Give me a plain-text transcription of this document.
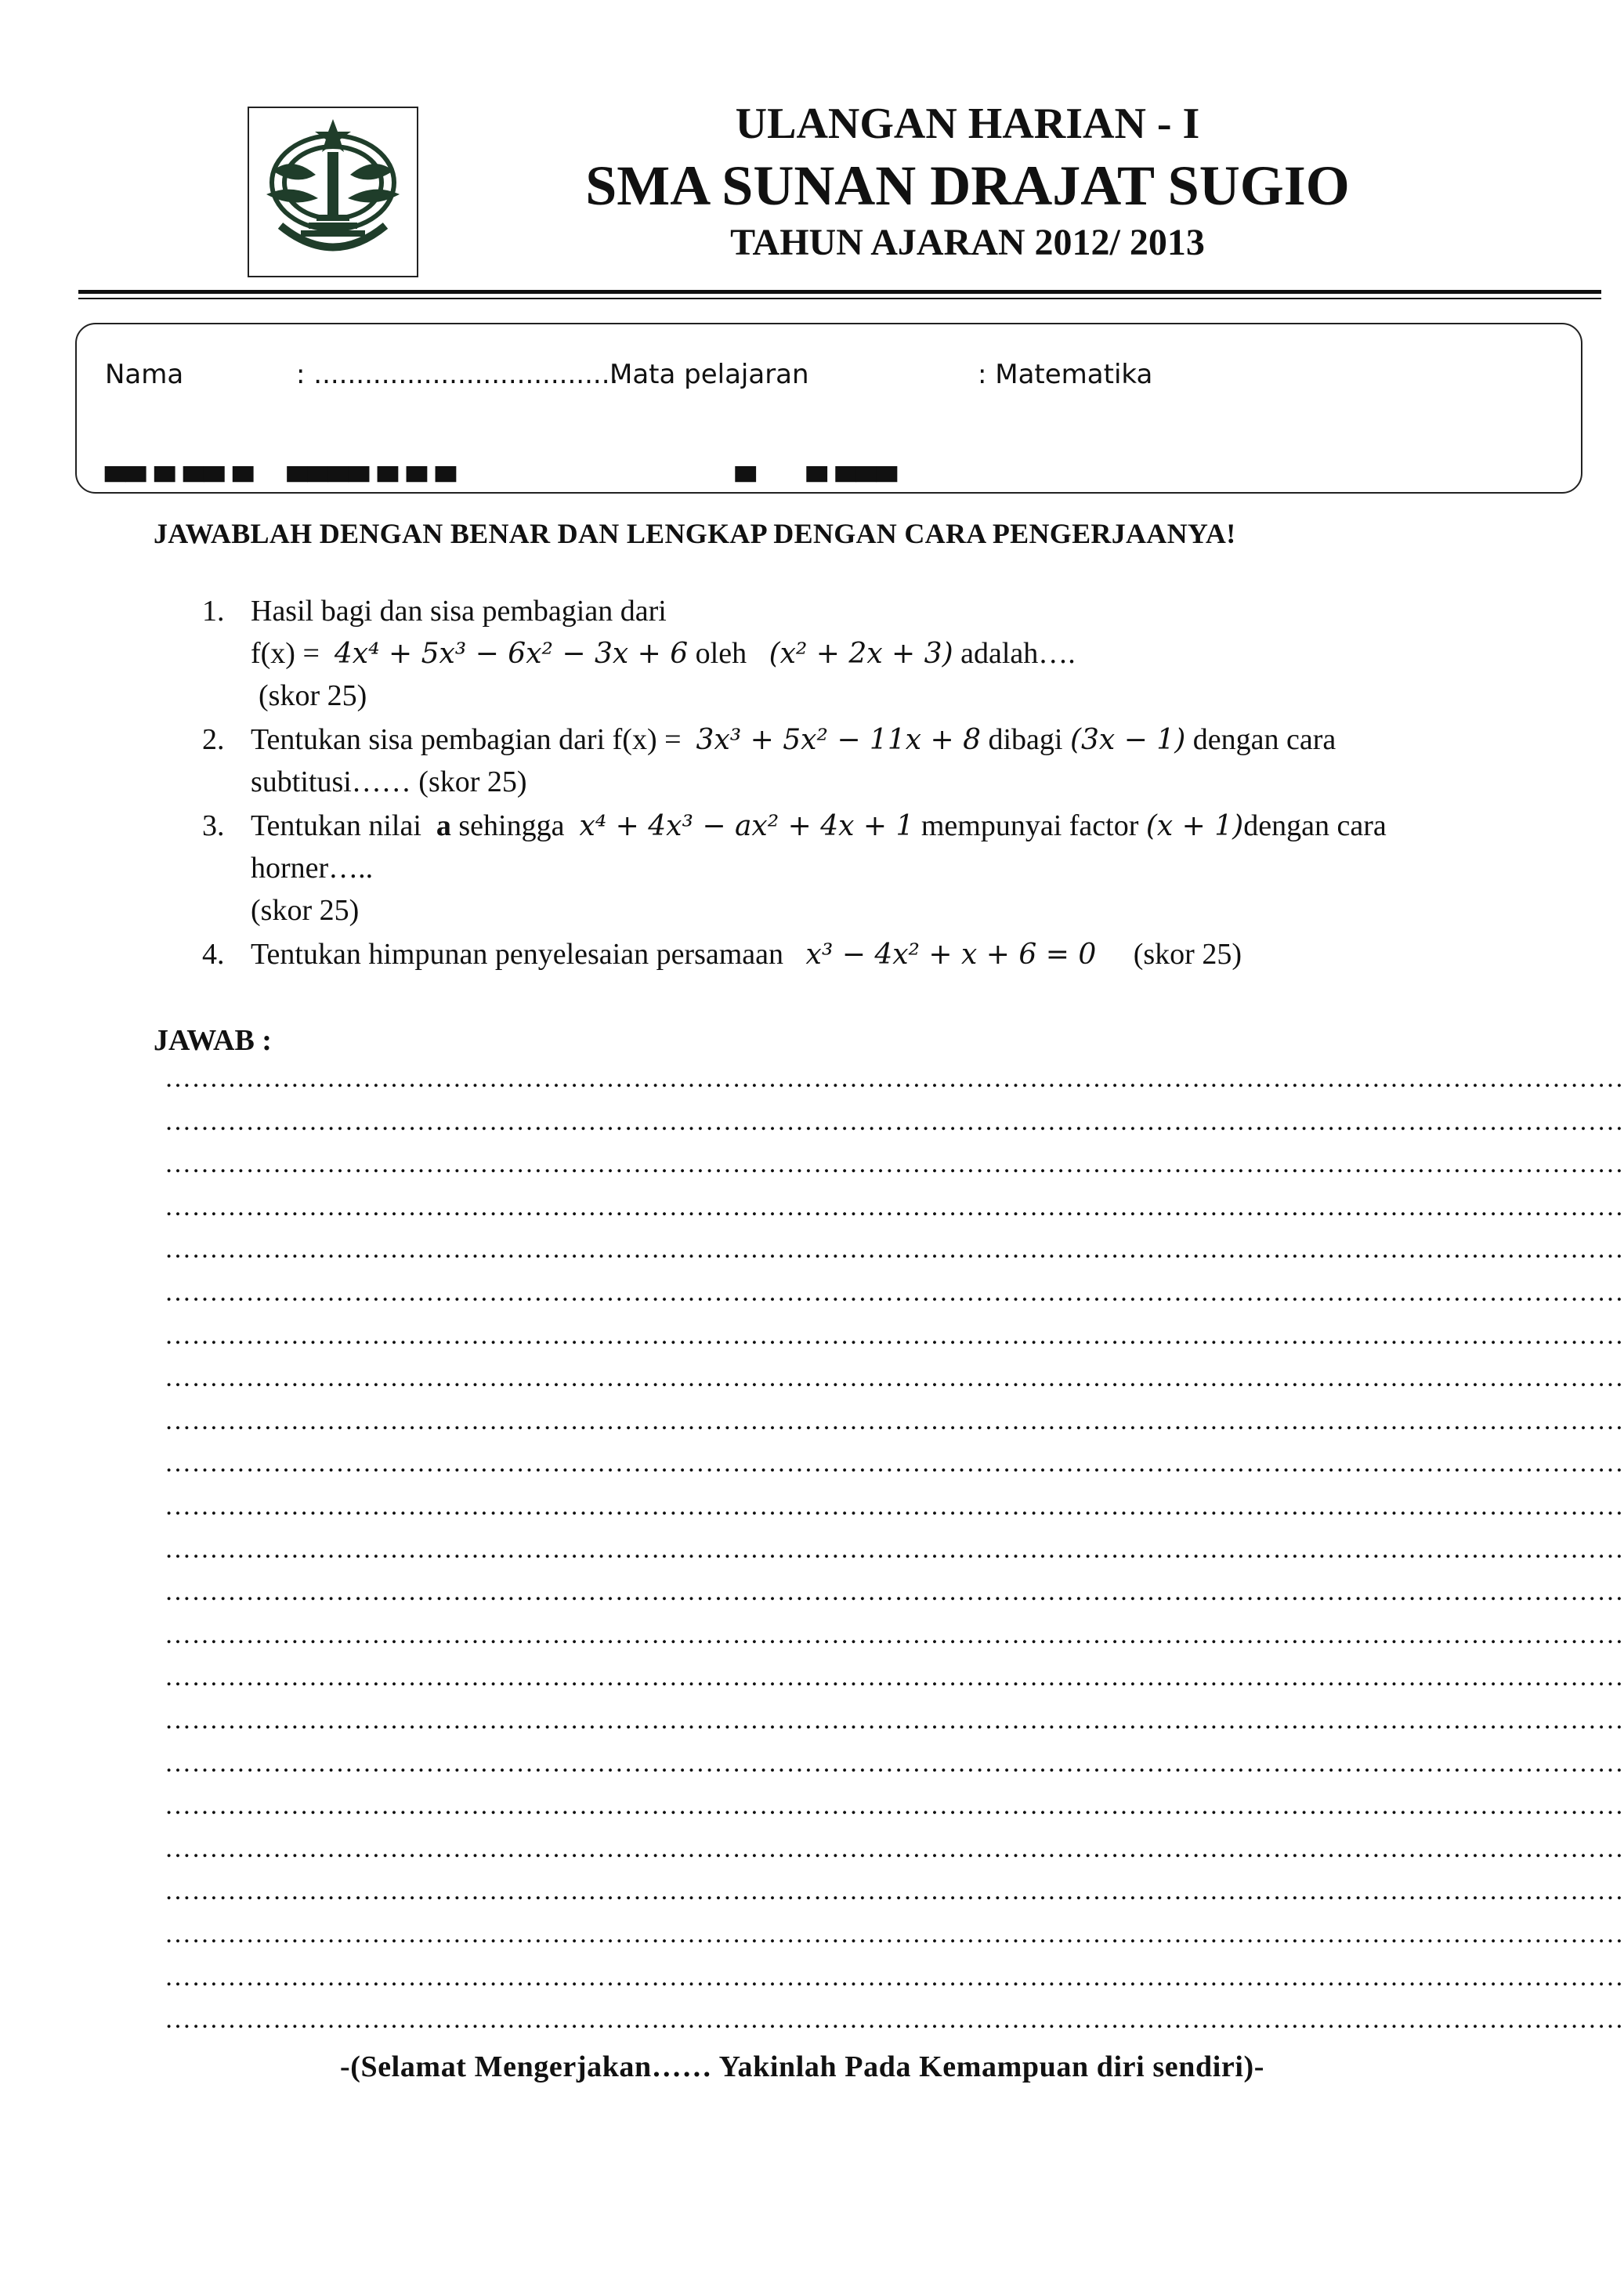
ULANGAN HARIAN - I
SMA SUNAN DRAJAT SUGIO
TAHUN AJARAN 2012/ 2013
Nama	: ....................................
Mata pelajaran	: Matematika
▀▀ ▀ ▀▀ ▀    ▀▀▀▀ ▀ ▀ ▀                                 ▀      ▀ ▀▀▀
JAWABLAH DENGAN BENAR DAN LENGKAP DENGAN CARA PENGERJAANYA!
1. Hasil bagi dan sisa pembagian dari
f(x) = 4x⁴ + 5x³ − 6x² − 3x + 6 oleh   (x² + 2x + 3) adalah….
(skor 25)
2. Tentukan sisa pembagian dari f(x) = 3x³ + 5x² − 11x + 8 dibagi (3x − 1) dengan cara
subtitusi…… (skor 25)
3. Tentukan nilai a sehingga x⁴ + 4x³ − ax² + 4x + 1 mempunyai factor (x + 1)dengan cara
horner…..
(skor 25)
4. Tentukan himpunan penyelesaian persamaan x³ − 4x² + x + 6 = 0 (skor 25)
JAWAB :
………………………………………………………………………………………………………………………………………………
………………………………………………………………………………………………………………………………………………
………………………………………………………………………………………………………………………………………………
………………………………………………………………………………………………………………………………………………
………………………………………………………………………………………………………………………………………………
………………………………………………………………………………………………………………………………………………
………………………………………………………………………………………………………………………………………………
………………………………………………………………………………………………………………………………………………
………………………………………………………………………………………………………………………………………………
………………………………………………………………………………………………………………………………………………
………………………………………………………………………………………………………………………………………………
………………………………………………………………………………………………………………………………………………
………………………………………………………………………………………………………………………………………………
………………………………………………………………………………………………………………………………………………
………………………………………………………………………………………………………………………………………………
………………………………………………………………………………………………………………………………………………
………………………………………………………………………………………………………………………………………………
………………………………………………………………………………………………………………………………………………
………………………………………………………………………………………………………………………………………………
………………………………………………………………………………………………………………………………………………
………………………………………………………………………………………………………………………………………………
………………………………………………………………………………………………………………………………………………
………………………………………………………………………………………………………………………………………………
-(Selamat Mengerjakan…… Yakinlah Pada Kemampuan diri sendiri)-
